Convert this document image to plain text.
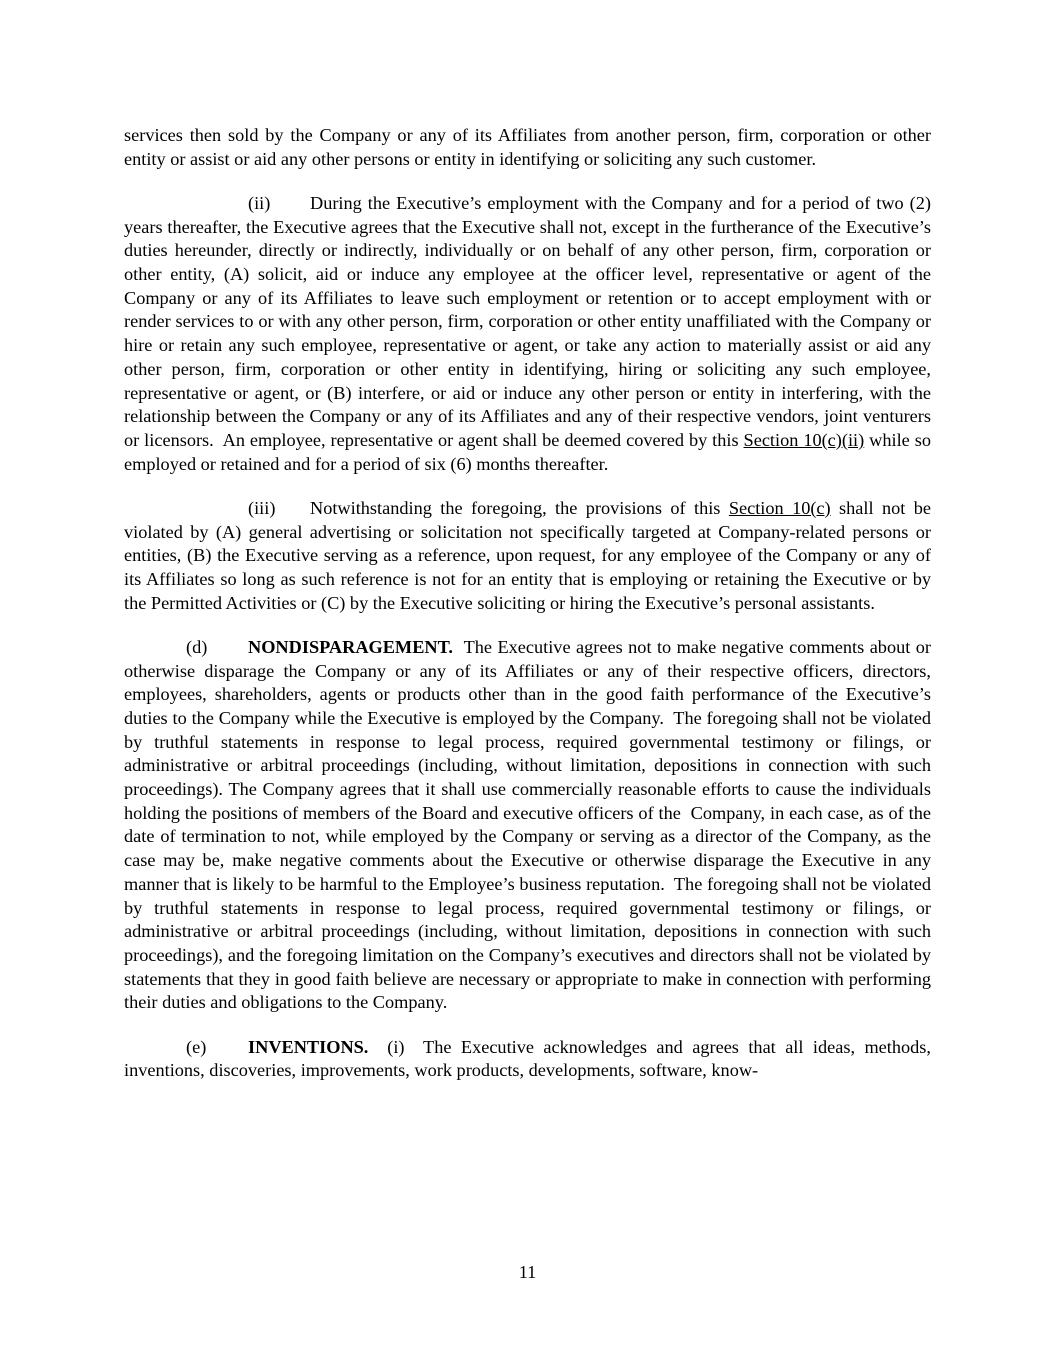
services then sold by the Company or any of its Affiliates from another person, firm, corporation or other entity or assist or aid any other persons or entity in identifying or soliciting any such customer.

(ii) During the Executive’s employment with the Company and for a period of two (2) years thereafter, the Executive agrees that the Executive shall not, except in the furtherance of the Executive’s duties hereunder, directly or indirectly, individually or on behalf of any other person, firm, corporation or other entity, (A) solicit, aid or induce any employee at the officer level, representative or agent of the Company or any of its Affiliates to leave such employment or retention or to accept employment with or render services to or with any other person, firm, corporation or other entity unaffiliated with the Company or hire or retain any such employee, representative or agent, or take any action to materially assist or aid any other person, firm, corporation or other entity in identifying, hiring or soliciting any such employee, representative or agent, or (B) interfere, or aid or induce any other person or entity in interfering, with the relationship between the Company or any of its Affiliates and any of their respective vendors, joint venturers or licensors.  An employee, representative or agent shall be deemed covered by this Section 10(c)(ii) while so employed or retained and for a period of six (6) months thereafter.

(iii) Notwithstanding the foregoing, the provisions of this Section 10(c) shall not be violated by (A) general advertising or solicitation not specifically targeted at Company-related persons or entities, (B) the Executive serving as a reference, upon request, for any employee of the Company or any of its Affiliates so long as such reference is not for an entity that is employing or retaining the Executive or by the Permitted Activities or (C) by the Executive soliciting or hiring the Executive’s personal assistants.

(d) NONDISPARAGEMENT.  The Executive agrees not to make negative comments about or otherwise disparage the Company or any of its Affiliates or any of their respective officers, directors, employees, shareholders, agents or products other than in the good faith performance of the Executive’s duties to the Company while the Executive is employed by the Company.  The foregoing shall not be violated by truthful statements in response to legal process, required governmental testimony or filings, or administrative or arbitral proceedings (including, without limitation, depositions in connection with such proceedings). The Company agrees that it shall use commercially reasonable efforts to cause the individuals holding the positions of members of the Board and executive officers of the  Company, in each case, as of the date of termination to not, while employed by the Company or serving as a director of the Company, as the case may be, make negative comments about the Executive or otherwise disparage the Executive in any manner that is likely to be harmful to the Employee’s business reputation.  The foregoing shall not be violated by truthful statements in response to legal process, required governmental testimony or filings, or administrative or arbitral proceedings (including, without limitation, depositions in connection with such proceedings), and the foregoing limitation on the Company’s executives and directors shall not be violated by statements that they in good faith believe are necessary or appropriate to make in connection with performing their duties and obligations to the Company.

(e) INVENTIONS.  (i)  The Executive acknowledges and agrees that all ideas, methods, inventions, discoveries, improvements, work products, developments, software, know-

11
